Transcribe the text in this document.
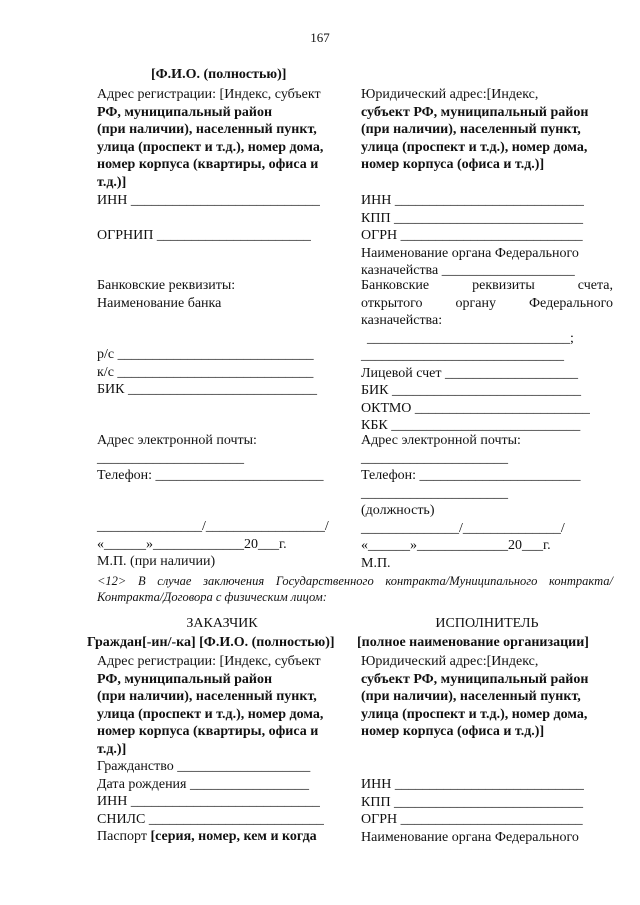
167

[Ф.И.О. (полностью)]

Адрес регистрации: [Индекс, субъект

РФ, муниципальный район

(при наличии), населенный пункт,

улица (проспект и т.д.), номер дома,

номер корпуса (квартиры, офиса и

т.д.)]

ИНН ___________________________

ОГРНИП ______________________

Банковские реквизиты:

Наименование банка

р/с ____________________________

к/с ____________________________

БИК ___________________________

Адрес электронной почты:

_____________________

Телефон: ________________________

_______________/_________________/

«______»_____________20___г.

М.П. (при наличии)

Юридический адрес:[Индекс,

субъект РФ, муниципальный район

(при наличии), населенный пункт,

улица (проспект и т.д.), номер дома,

номер корпуса (офиса и т.д.)]

ИНН ___________________________

КПП ___________________________

ОГРН __________________________

Наименование органа Федерального

казначейства ___________________

Банковские реквизиты счета,

открытого органу Федерального

казначейства:

_____________________________;

_____________________________

Лицевой счет ___________________

БИК ___________________________

ОКТМО _________________________

КБК ___________________________

Адрес электронной почты:

_____________________

Телефон: _______________________

_____________________

(должность)

______________/______________/

«______»_____________20___г.

М.П.

<12> В случае заключения Государственного контракта/Муниципального контракта/ Контракта/Договора с физическим лицом:
ЗАКАЗЧИК	ИСПОЛНИТЕЛЬ

Граждан[-ин/-ка] [Ф.И.О. (полностью)] [полное наименование организации]

Адрес регистрации: [Индекс, субъект

РФ, муниципальный район

(при наличии), населенный пункт,

улица (проспект и т.д.), номер дома,

номер корпуса (квартиры, офиса и

т.д.)]

Гражданство ___________________

Дата рождения _________________

ИНН ___________________________

СНИЛС _________________________

Паспорт [серия, номер, кем и когда

Юридический адрес:[Индекс,

субъект РФ, муниципальный район

(при наличии), населенный пункт,

улица (проспект и т.д.), номер дома,

номер корпуса (офиса и т.д.)]

ИНН ___________________________

КПП ___________________________

ОГРН __________________________

Наименование органа Федерального
